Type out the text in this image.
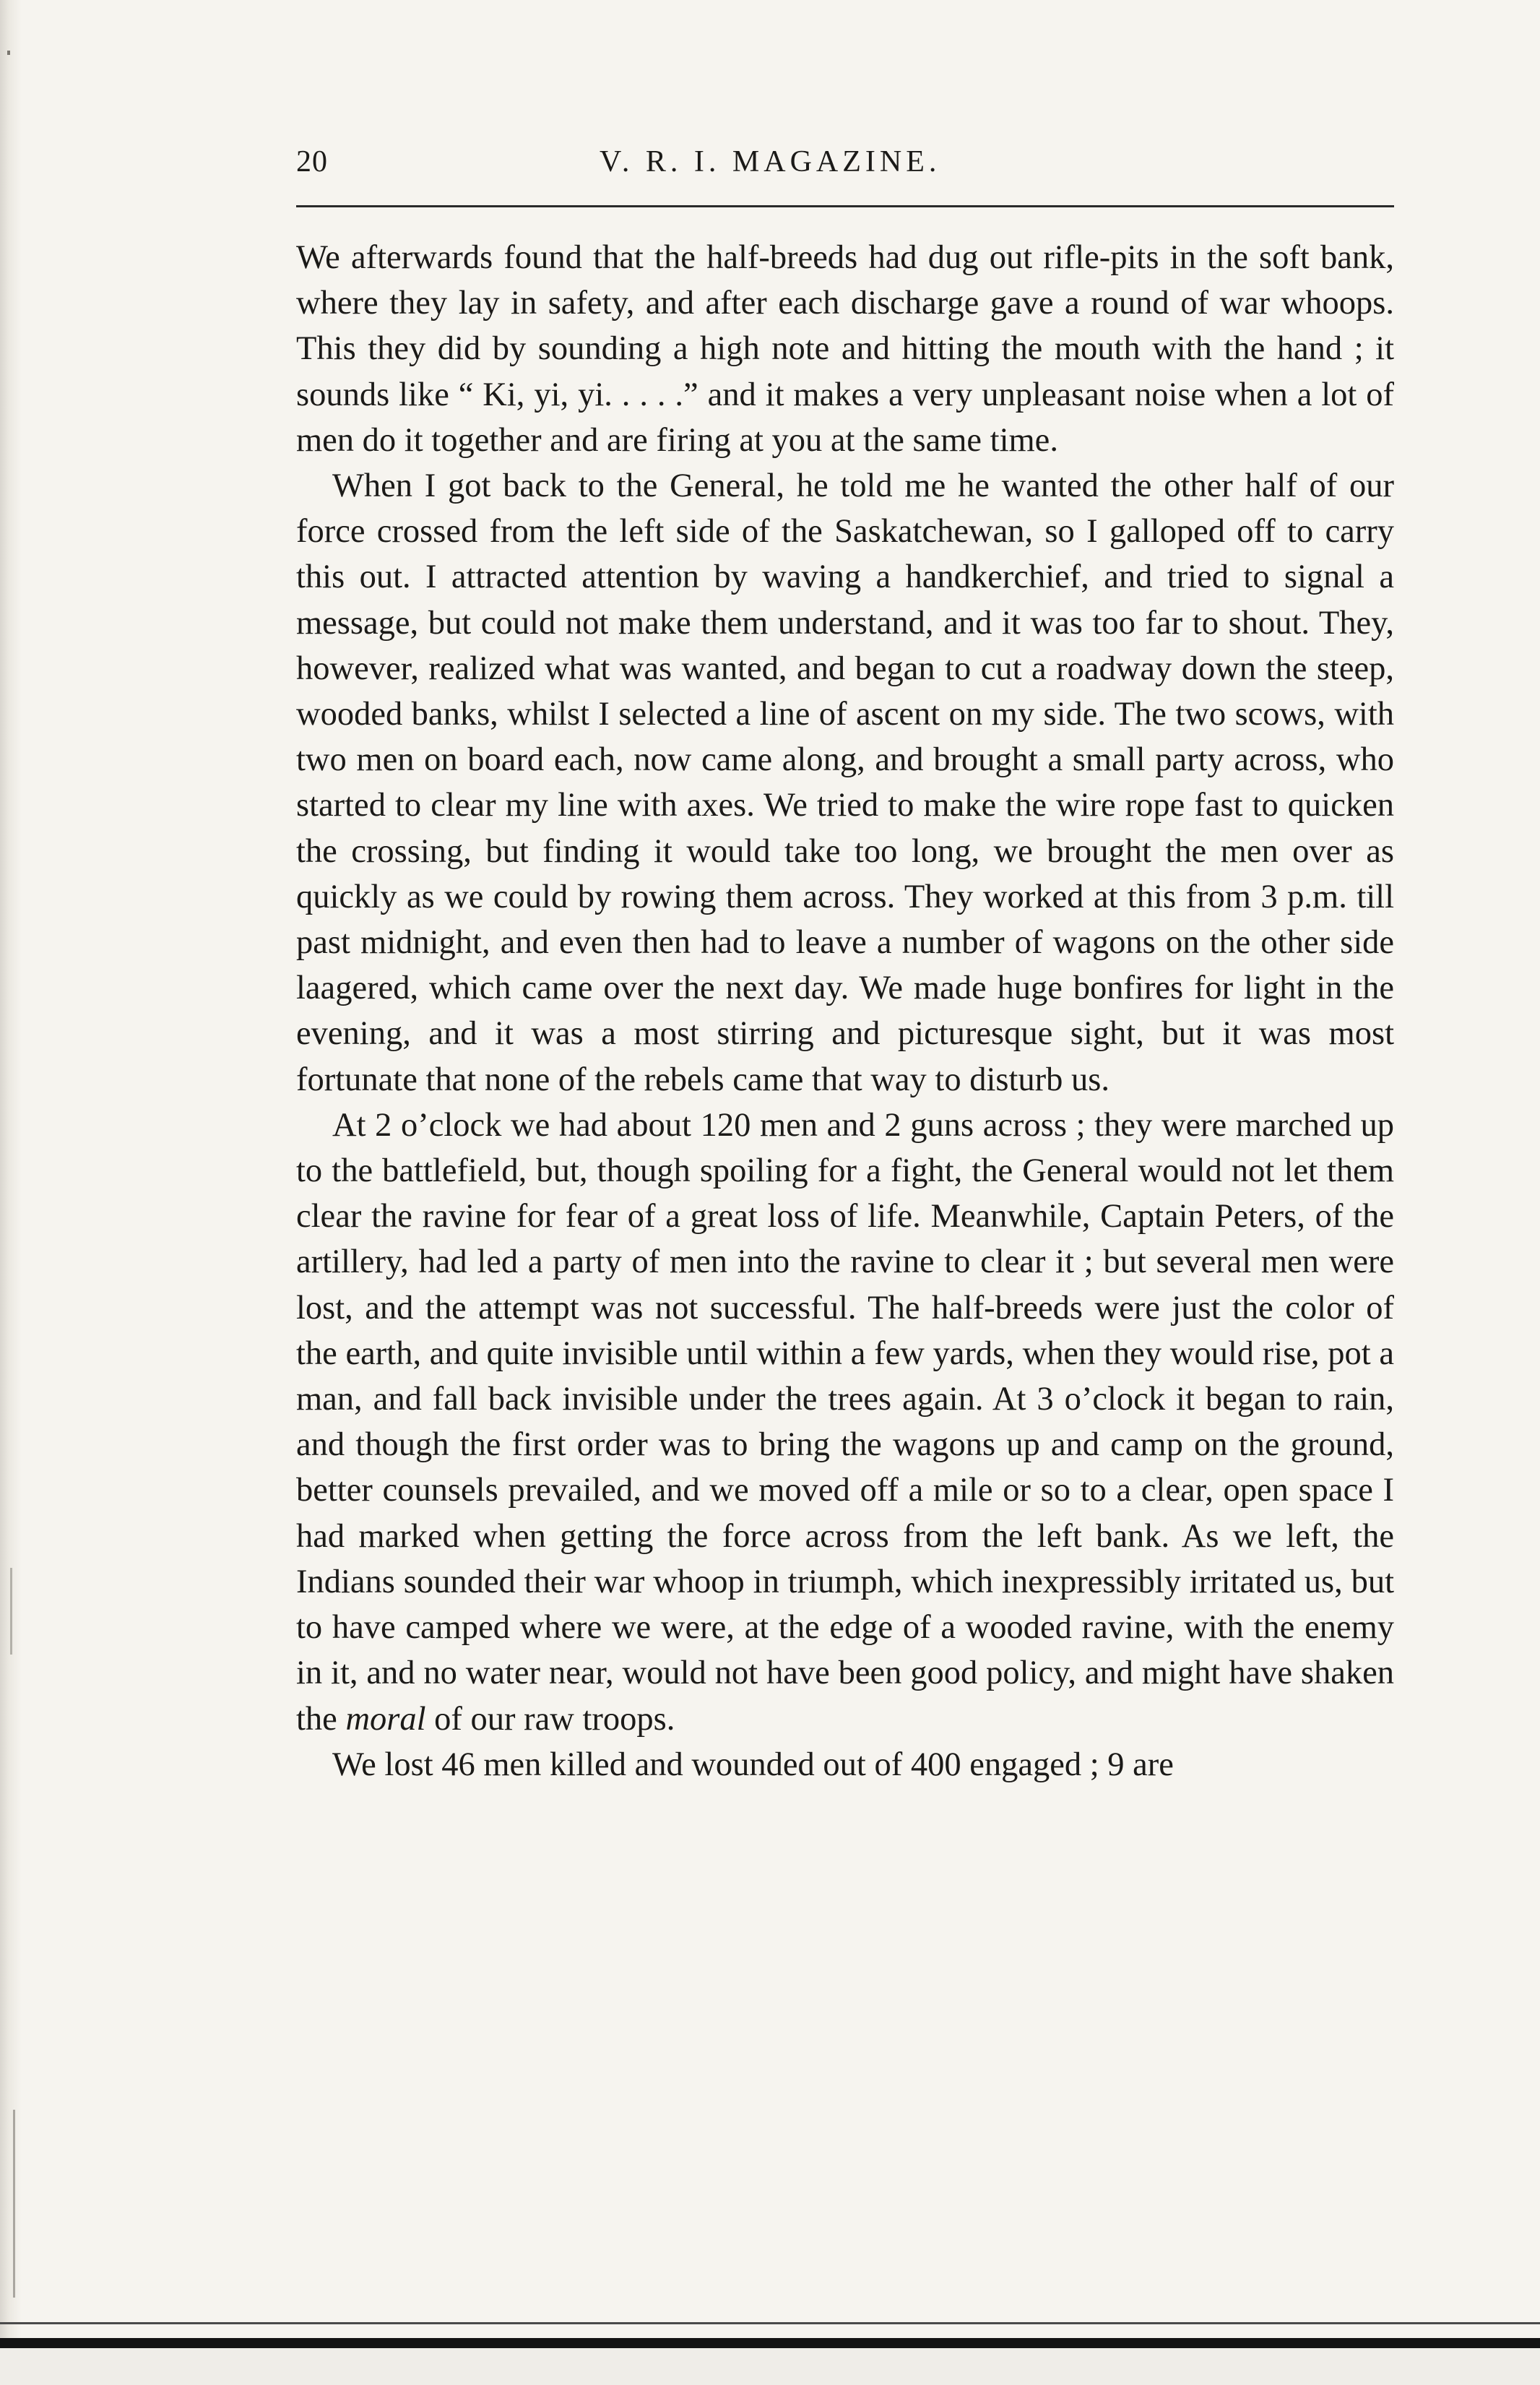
20	V. R. I. MAGAZINE.

We afterwards found that the half-breeds had dug out rifle-pits in the soft bank, where they lay in safety, and after each discharge gave a round of war whoops. This they did by sounding a high note and hitting the mouth with the hand ; it sounds like “ Ki, yi, yi. . . . .” and it makes a very unpleasant noise when a lot of men do it together and are firing at you at the same time.

When I got back to the General, he told me he wanted the other half of our force crossed from the left side of the Saskatchewan, so I galloped off to carry this out. I attracted attention by waving a handkerchief, and tried to signal a message, but could not make them understand, and it was too far to shout. They, however, realized what was wanted, and began to cut a roadway down the steep, wooded banks, whilst I selected a line of ascent on my side. The two scows, with two men on board each, now came along, and brought a small party across, who started to clear my line with axes. We tried to make the wire rope fast to quicken the crossing, but finding it would take too long, we brought the men over as quickly as we could by rowing them across. They worked at this from 3 p.m. till past midnight, and even then had to leave a number of wagons on the other side laagered, which came over the next day. We made huge bonfires for light in the evening, and it was a most stirring and picturesque sight, but it was most fortunate that none of the rebels came that way to disturb us.

At 2 o’clock we had about 120 men and 2 guns across ; they were marched up to the battlefield, but, though spoiling for a fight, the General would not let them clear the ravine for fear of a great loss of life. Meanwhile, Captain Peters, of the artillery, had led a party of men into the ravine to clear it ; but several men were lost, and the attempt was not successful. The half-breeds were just the color of the earth, and quite invisible until within a few yards, when they would rise, pot a man, and fall back invisible under the trees again. At 3 o’clock it began to rain, and though the first order was to bring the wagons up and camp on the ground, better counsels prevailed, and we moved off a mile or so to a clear, open space I had marked when getting the force across from the left bank. As we left, the Indians sounded their war whoop in triumph, which inexpressibly irritated us, but to have camped where we were, at the edge of a wooded ravine, with the enemy in it, and no water near, would not have been good policy, and might have shaken the moral of our raw troops.

We lost 46 men killed and wounded out of 400 engaged ; 9 are
